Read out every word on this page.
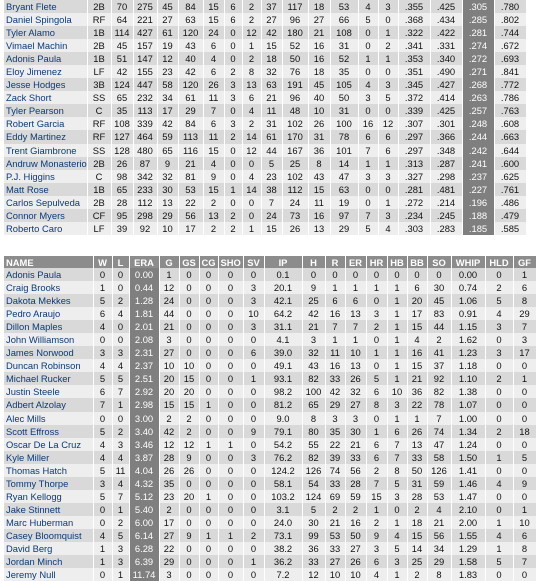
Bryant Flete	2B	70	275	45	84	15	6	2	37	117	18	53	4	3	.355	.425	.305	.780
Daniel Spingola	RF	64	221	27	63	15	6	2	27	96	27	66	5	0	.368	.434	.285	.802
Tyler Alamo	1B	114	427	61	120	24	0	12	42	180	21	108	0	1	.322	.422	.281	.744
Vimael Machin	2B	45	157	19	43	6	0	1	15	52	16	31	0	2	.341	.331	.274	.672
Adonis Paula	1B	51	147	12	40	4	0	2	18	50	16	52	1	1	.353	.340	.272	.693
Eloy Jimenez	LF	42	155	23	42	6	2	8	32	76	18	35	0	0	.351	.490	.271	.841
Jesse Hodges	3B	124	447	58	120	26	3	13	63	191	45	105	4	3	.345	.427	.268	.772
Zack Short	SS	65	232	34	61	11	3	6	21	96	40	50	3	5	.372	.414	.263	.786
Tyler Pearson	C	35	113	17	29	7	0	4	11	48	10	31	0	0	.339	.425	.257	.763
Robert Garcia	RF	108	339	42	84	6	3	2	31	102	26	100	16	12	.307	.301	.248	.608
Eddy Martinez	RF	127	464	59	113	11	2	14	61	170	31	78	6	6	.297	.366	.244	.663
Trent Giambrone	SS	128	480	65	116	15	0	12	44	167	36	101	7	6	.297	.348	.242	.644
Andruw Monasterio	2B	26	87	9	21	4	0	0	5	25	8	14	1	1	.313	.287	.241	.600
P.J. Higgins	C	98	342	32	81	9	0	4	23	102	43	47	3	3	.327	.298	.237	.625
Matt Rose	1B	65	233	30	53	15	1	14	38	112	15	63	0	0	.281	.481	.227	.761
Carlos Sepulveda	2B	28	112	13	22	2	0	0	7	24	11	19	0	1	.272	.214	.196	.486
Connor Myers	CF	95	298	29	56	13	2	0	24	73	16	97	7	3	.234	.245	.188	.479
Roberto Caro	LF	39	92	10	17	2	2	1	15	26	13	29	5	4	.303	.283	.185	.585
NAME	W	L	ERA	G	GS	CG	SHO	SV	IP	H	R	ER	HR	HB	BB	SO	WHIP	HLD	GF
Adonis Paula	0	0	0.00	1	0	0	0	0	0.1	0	0	0	0	0	0	0	0.00	0	1
Craig Brooks	1	0	0.44	12	0	0	0	3	20.1	9	1	1	1	1	6	30	0.74	2	6
Dakota Mekkes	5	2	1.28	24	0	0	0	3	42.1	25	6	6	0	1	20	45	1.06	5	8
Pedro Araujo	6	4	1.81	44	0	0	0	10	64.2	42	16	13	3	1	17	83	0.91	4	29
Dillon Maples	4	0	2.01	21	0	0	0	3	31.1	21	7	7	2	1	15	44	1.15	3	7
John Williamson	0	0	2.08	3	0	0	0	0	4.1	3	1	1	0	1	4	2	1.62	0	3
James Norwood	3	3	2.31	27	0	0	0	6	39.0	32	11	10	1	1	16	41	1.23	3	17
Duncan Robinson	4	4	2.37	10	10	0	0	0	49.1	43	16	13	0	1	15	37	1.18	0	0
Michael Rucker	5	5	2.51	20	15	0	0	1	93.1	82	33	26	5	1	21	92	1.10	2	1
Justin Steele	6	7	2.92	20	20	0	0	0	98.2	100	42	32	6	10	36	82	1.38	0	0
Adbert Alzolay	7	1	2.98	15	15	1	0	0	81.2	65	29	27	8	3	22	78	1.07	0	0
Alec Mills	0	0	3.00	2	2	0	0	0	9.0	8	3	3	0	1	1	7	1.00	0	0
Scott Effross	5	2	3.40	42	2	0	0	9	79.1	80	35	30	1	6	26	74	1.34	2	18
Oscar De La Cruz	4	3	3.46	12	12	1	1	0	54.2	55	22	21	6	7	13	47	1.24	0	0
Kyle Miller	4	4	3.87	28	9	0	0	3	76.2	82	39	33	6	7	33	58	1.50	1	5
Thomas Hatch	5	11	4.04	26	26	0	0	0	124.2	126	74	56	2	8	50	126	1.41	0	0
Tommy Thorpe	3	4	4.32	35	0	0	0	0	58.1	54	33	28	7	5	31	59	1.46	4	9
Ryan Kellogg	5	7	5.12	23	20	1	0	0	103.2	124	69	59	15	3	28	53	1.47	0	0
Jake Stinnett	0	1	5.40	2	0	0	0	0	3.1	5	2	2	1	0	2	4	2.10	0	1
Marc Huberman	0	2	6.00	17	0	0	0	0	24.0	30	21	16	2	1	18	21	2.00	1	10
Casey Bloomquist	4	5	6.14	27	9	1	1	2	73.1	99	53	50	9	4	15	56	1.55	4	6
David Berg	1	3	6.28	22	0	0	0	0	38.2	36	33	27	3	5	14	34	1.29	1	8
Jordan Minch	1	3	6.39	29	0	0	0	1	36.2	33	27	26	6	3	25	29	1.58	5	7
Jeremy Null	0	1	11.74	3	0	0	0	0	7.2	12	10	10	4	1	2	8	1.83	0	0
